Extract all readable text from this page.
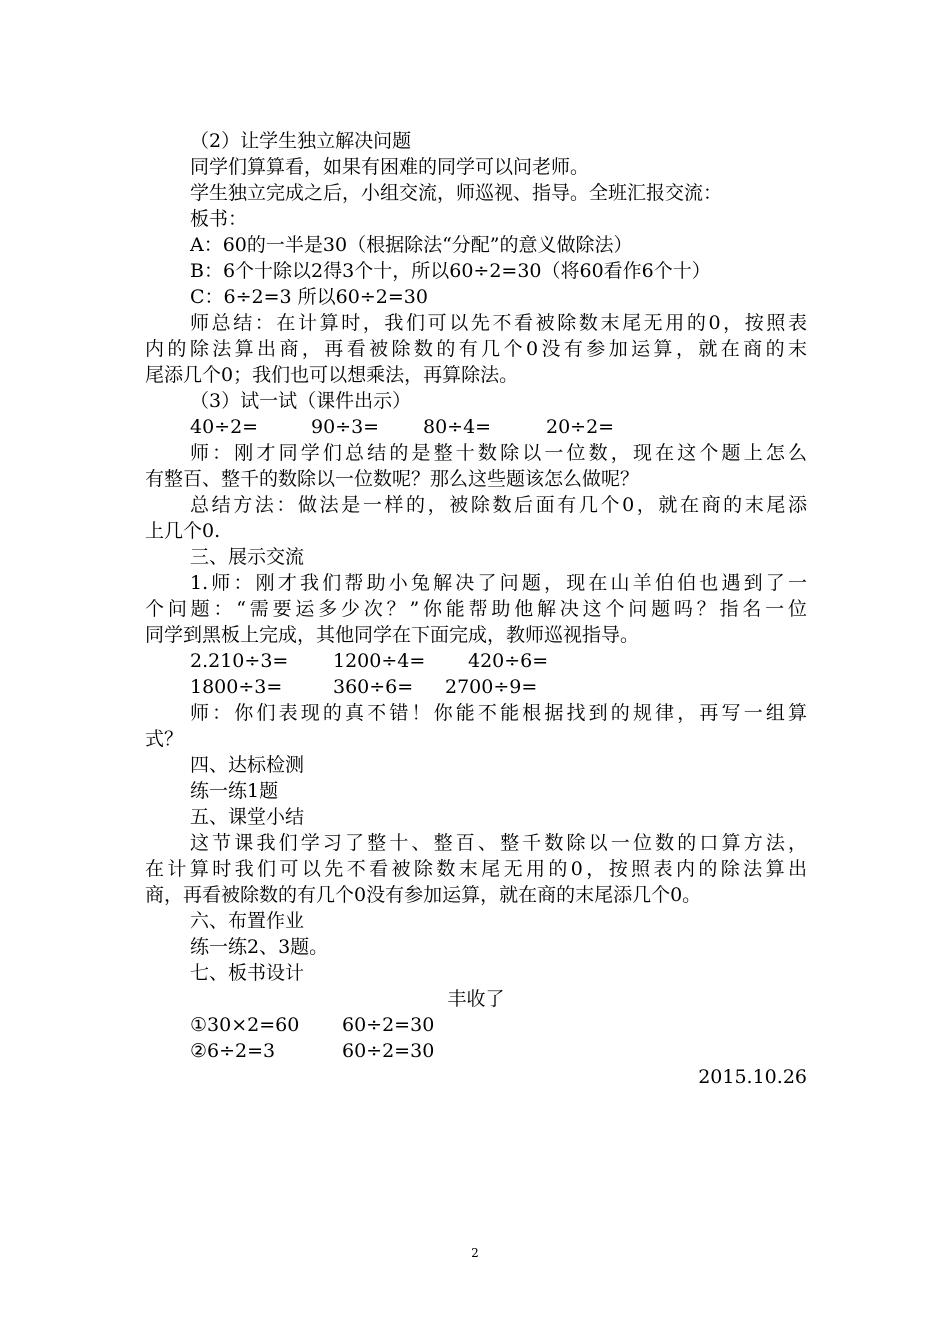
（2）让学生独立解决问题
同学们算算看，如果有困难的同学可以问老师。
学生独立完成之后，小组交流，师巡视、指导。全班汇报交流：
板书：
A：60的一半是30（根据除法“分配”的意义做除法）
B：6个十除以2得3个十，所以60÷2=30（将60看作6个十）
C：6÷2=3 所以60÷2=30
师总结：在计算时，我们可以先不看被除数末尾无用的0，按照表
内的除法算出商，再看被除数的有几个0没有参加运算，就在商的末
尾添几个0；我们也可以想乘法，再算除法。
（3）试一试（课件出示）
40÷2=	90÷3= 80÷4=	20÷2=
师：刚才同学们总结的是整十数除以一位数，现在这个题上怎么
有整百、整千的数除以一位数呢？那么这些题该怎么做呢？
总结方法：做法是一样的，被除数后面有几个0，就在商的末尾添
上几个0.
三、展示交流
1.师：刚才我们帮助小兔解决了问题，现在山羊伯伯也遇到了一
个问题：“需要运多少次？”你能帮助他解决这个问题吗？指名一位
同学到黑板上完成，其他同学在下面完成，教师巡视指导。
2.210÷3= 1200÷4= 420÷6=
1800÷3=	360÷6= 2700÷9=
师：你们表现的真不错！你能不能根据找到的规律，再写一组算
式？
四、达标检测
练一练1题
五、课堂小结
这节课我们学习了整十、整百、整千数除以一位数的口算方法，
在计算时我们可以先不看被除数末尾无用的0，按照表内的除法算出
商，再看被除数的有几个0没有参加运算，就在商的末尾添几个0。
六、布置作业
练一练2、3题。
七、板书设计
丰收了
①30×2=60 60÷2=30
②6÷2=3	60÷2=30
2015.10.26
2
